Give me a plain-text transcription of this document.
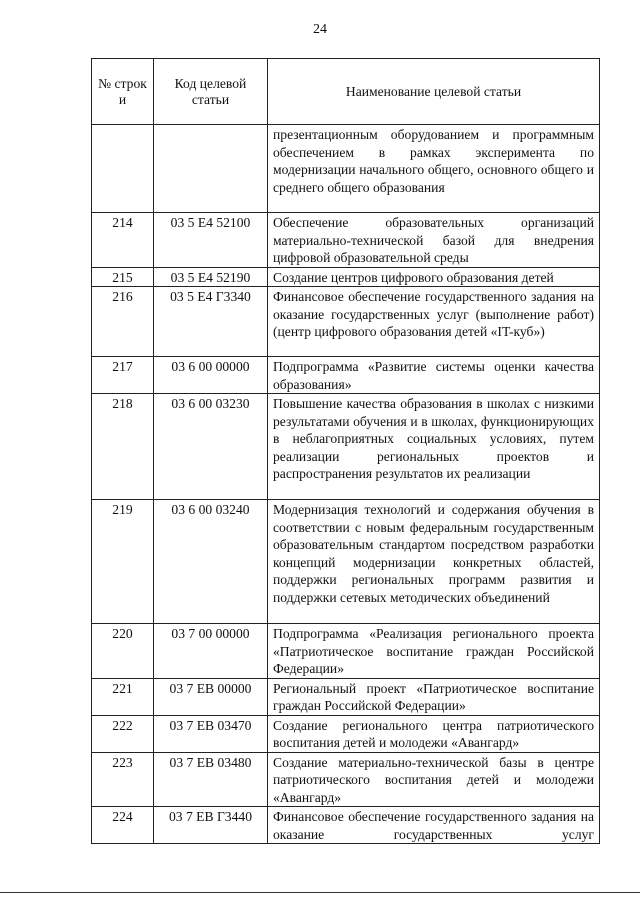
24
№ строк и	Код целевой статьи	Наименование целевой статьи
		презентационным оборудованием и программным обеспечением в рамках эксперимента по модернизации начального общего, основного общего и среднего общего образования
214	03 5 E4 52100	Обеспечение образовательных организаций материально-технической базой для внедрения цифровой образовательной среды
215	03 5 E4 52190	Создание центров цифрового образования детей
216	03 5 E4 Г3340	Финансовое обеспечение государственного задания на оказание государственных услуг (выполнение работ) (центр цифрового образования детей «IT-куб»)
217	03 6 00 00000	Подпрограмма «Развитие системы оценки качества образования»
218	03 6 00 03230	Повышение качества образования в школах с низкими результатами обучения и в школах, функционирующих в неблагоприятных социальных условиях, путем реализации региональных проектов и распространения результатов их реализации
219	03 6 00 03240	Модернизация технологий и содержания обучения в соответствии с новым федеральным государственным образовательным стандартом посредством разработки концепций модернизации конкретных областей, поддержки региональных программ развития и поддержки сетевых методических объединений
220	03 7 00 00000	Подпрограмма «Реализация регионального проекта «Патриотическое воспитание граждан Российской Федерации»
221	03 7 EB 00000	Региональный проект «Патриотическое воспитание граждан Российской Федерации»
222	03 7 EB 03470	Создание регионального центра патриотического воспитания детей и молодежи «Авангард»
223	03 7 EB 03480	Создание материально-технической базы в центре патриотического воспитания детей и молодежи «Авангард»
224	03 7 EB Г3440	Финансовое обеспечение государственного задания на оказание государственных услуг
